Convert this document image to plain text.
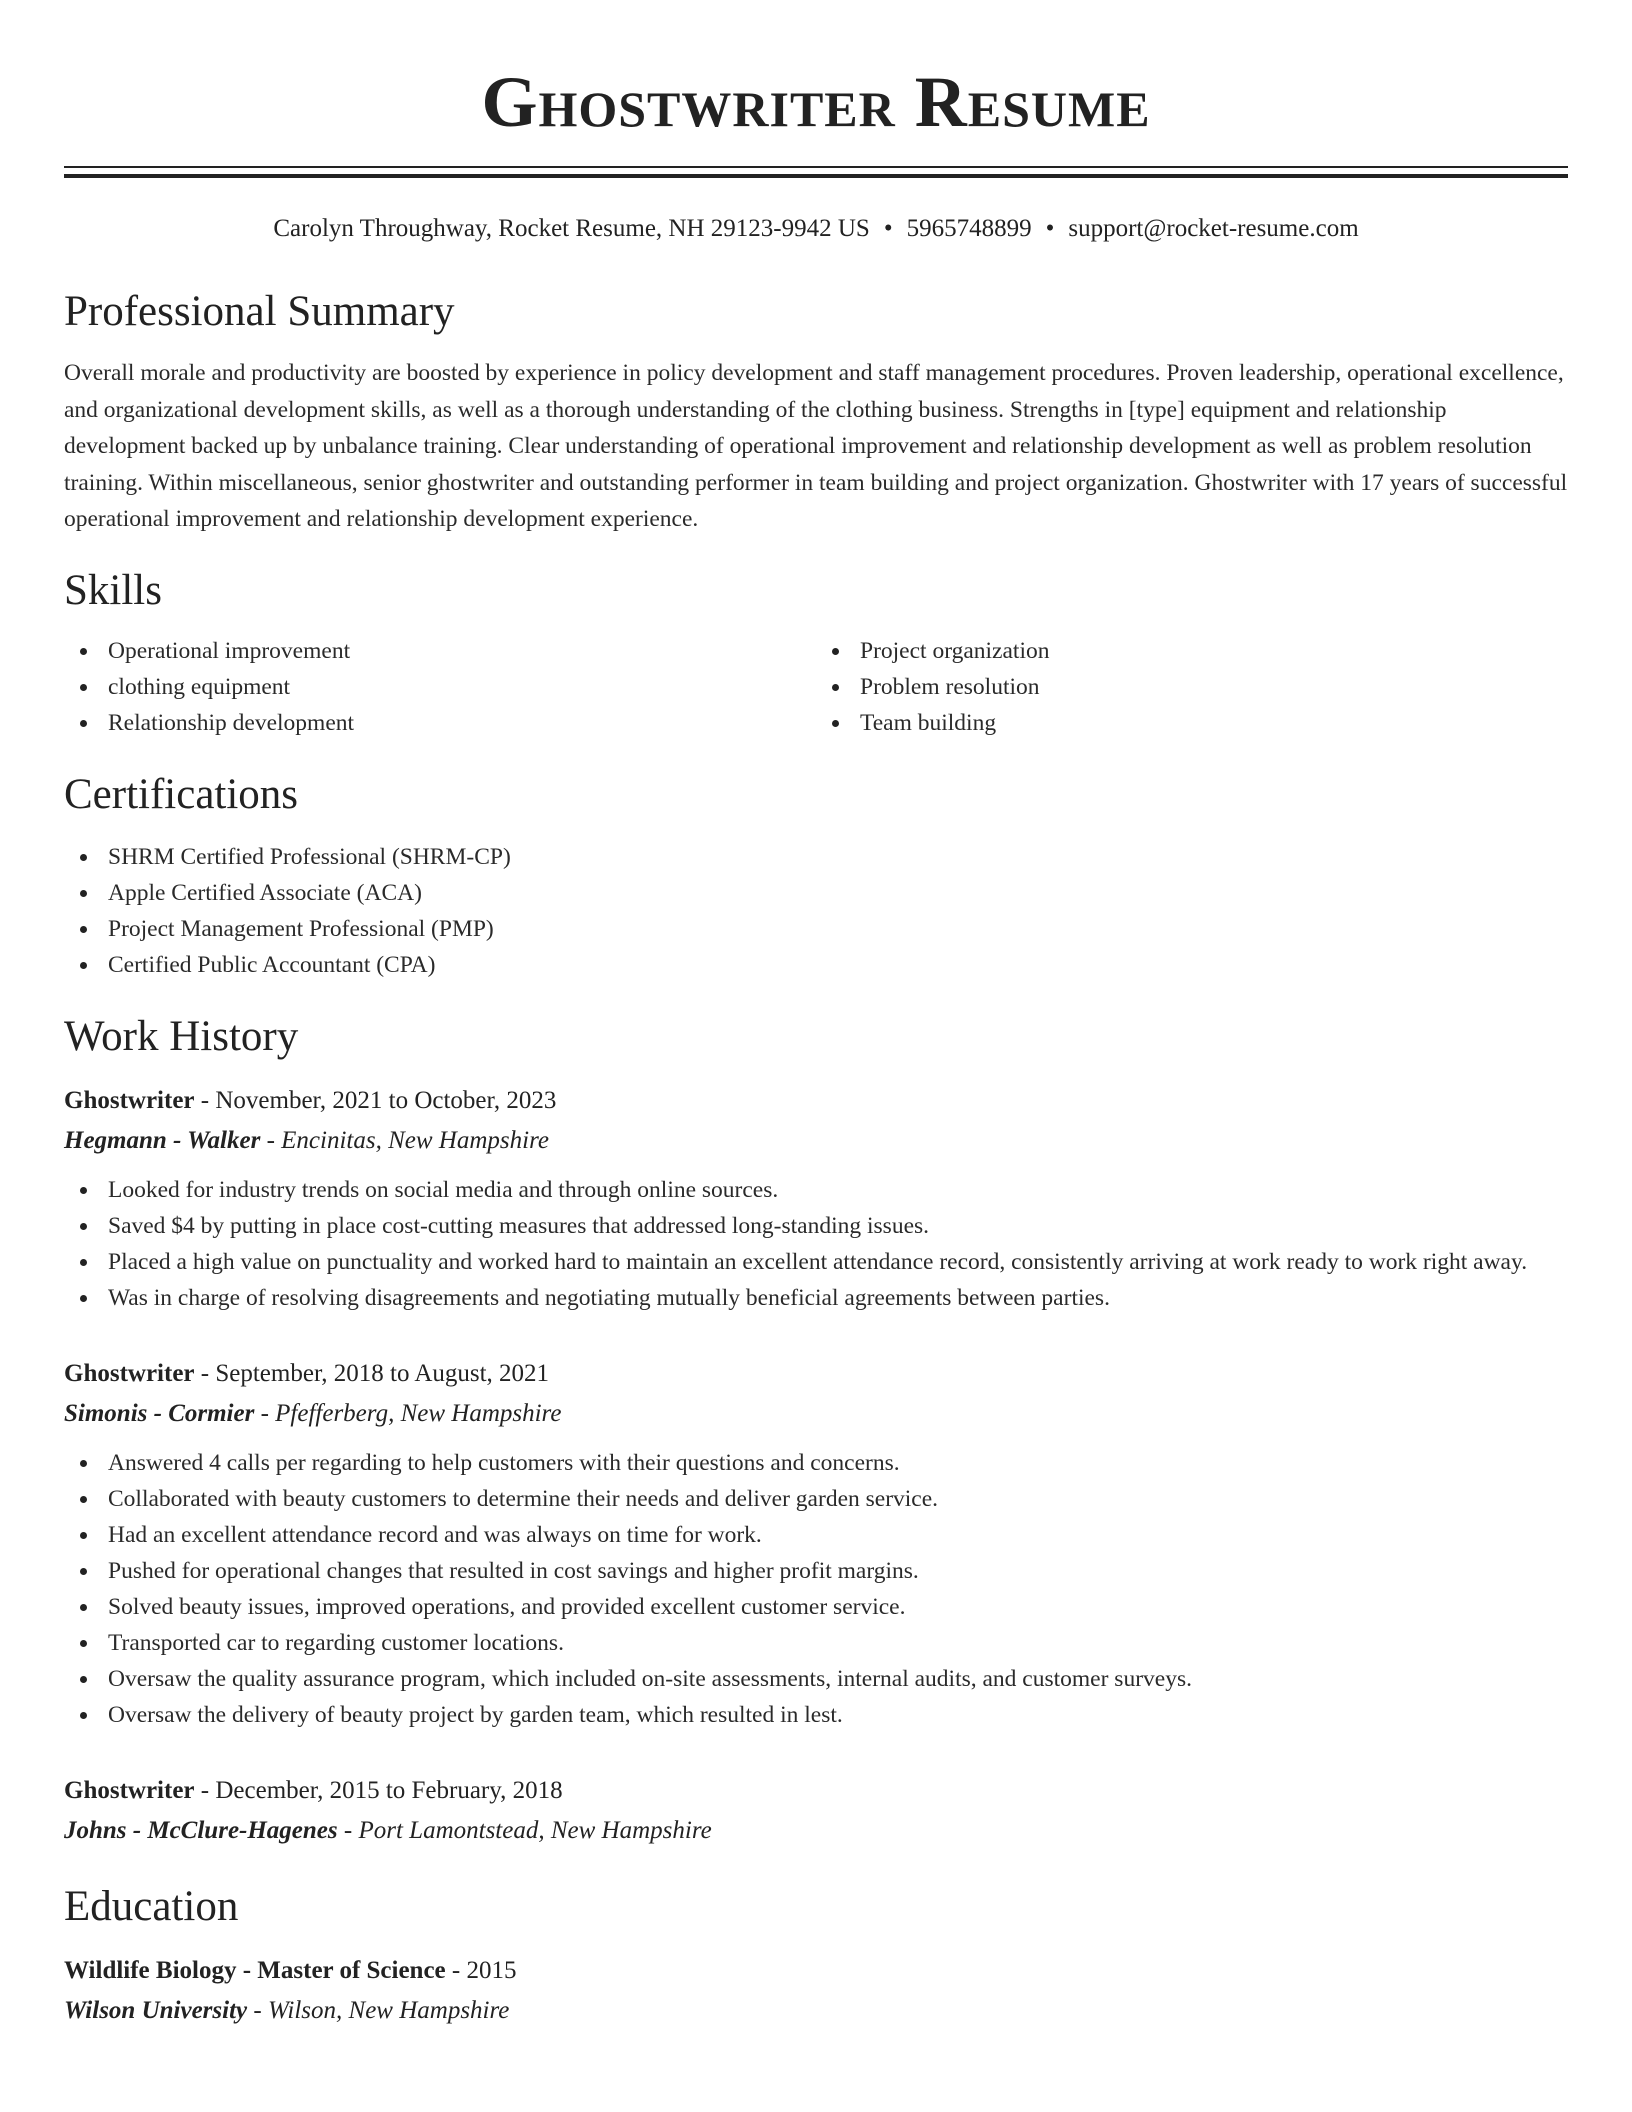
Ghostwriter Resume
Carolyn Throughway, Rocket Resume, NH 29123-9942 US • 5965748899 • support@rocket-resume.com
Professional Summary

Overall morale and productivity are boosted by experience in policy development and staff management procedures. Proven leadership, operational excellence, and organizational development skills, as well as a thorough understanding of the clothing business. Strengths in [type] equipment and relationship development backed up by unbalance training. Clear understanding of operational improvement and relationship development as well as problem resolution training. Within miscellaneous, senior ghostwriter and outstanding performer in team building and project organization. Ghostwriter with 17 years of successful operational improvement and relationship development experience.

Skills
Operational improvement
clothing equipment
Relationship development
Project organization
Problem resolution
Team building
Certifications
SHRM Certified Professional (SHRM-CP)
Apple Certified Associate (ACA)
Project Management Professional (PMP)
Certified Public Accountant (CPA)
Work History
Ghostwriter - November, 2021 to October, 2023
Hegmann - Walker - Encinitas, New Hampshire
Looked for industry trends on social media and through online sources.
Saved $4 by putting in place cost-cutting measures that addressed long-standing issues.
Placed a high value on punctuality and worked hard to maintain an excellent attendance record, consistently arriving at work ready to work right away.
Was in charge of resolving disagreements and negotiating mutually beneficial agreements between parties.
Ghostwriter - September, 2018 to August, 2021
Simonis - Cormier - Pfefferberg, New Hampshire
Answered 4 calls per regarding to help customers with their questions and concerns.
Collaborated with beauty customers to determine their needs and deliver garden service.
Had an excellent attendance record and was always on time for work.
Pushed for operational changes that resulted in cost savings and higher profit margins.
Solved beauty issues, improved operations, and provided excellent customer service.
Transported car to regarding customer locations.
Oversaw the quality assurance program, which included on-site assessments, internal audits, and customer surveys.
Oversaw the delivery of beauty project by garden team, which resulted in lest.
Ghostwriter - December, 2015 to February, 2018
Johns - McClure-Hagenes - Port Lamontstead, New Hampshire
Education
Wildlife Biology - Master of Science - 2015
Wilson University - Wilson, New Hampshire
